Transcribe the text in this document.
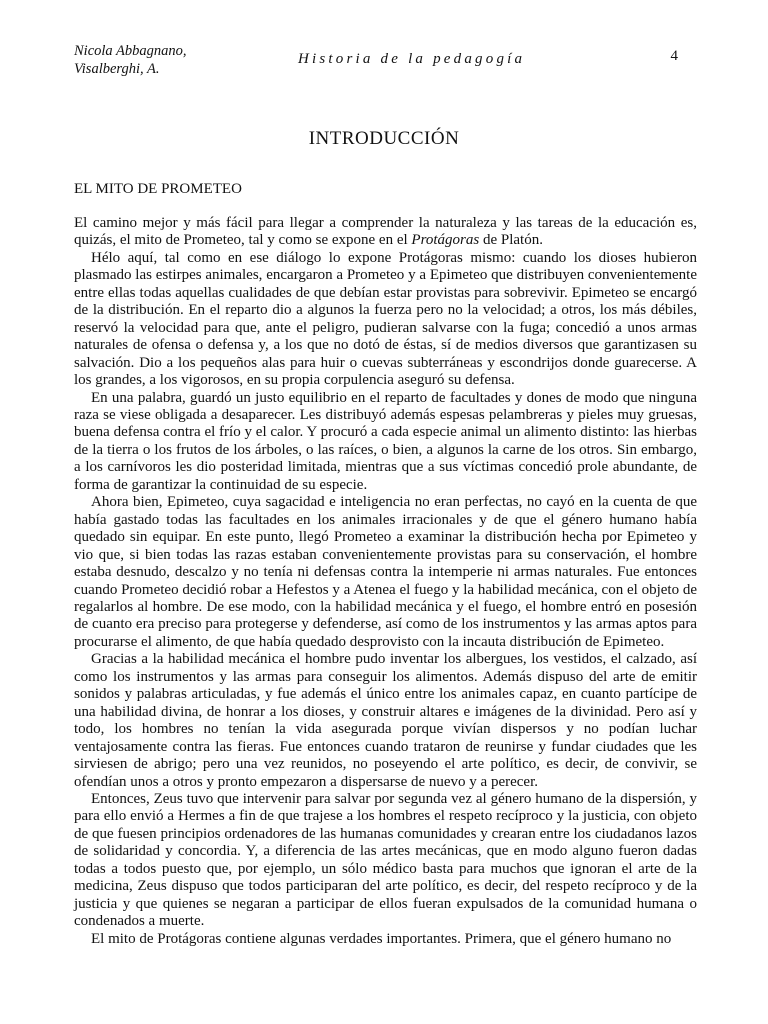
Nicola Abbagnano,
Visalberghi, A.
Historia de la pedagogía	4
INTRODUCCIÓN
EL MITO DE PROMETEO

El camino mejor y más fácil para llegar a comprender la naturaleza y las tareas de la educación es, quizás, el mito de Prometeo, tal y como se expone en el Protágoras de Platón.

Hélo aquí, tal como en ese diálogo lo expone Protágoras mismo: cuando los dioses hubieron plasmado las estirpes animales, encargaron a Prometeo y a Epimeteo que distribuyen convenientemente entre ellas todas aquellas cualidades de que debían estar provistas para sobrevivir. Epimeteo se encargó de la distribución. En el reparto dio a algunos la fuerza pero no la velocidad; a otros, los más débiles, reservó la velocidad para que, ante el peligro, pudieran salvarse con la fuga; concedió a unos armas naturales de ofensa o defensa y, a los que no dotó de éstas, sí de medios diversos que garantizasen su salvación. Dio a los pequeños alas para huir o cuevas subterráneas y escondrijos donde guarecerse. A los grandes, a los vigorosos, en su propia corpulencia aseguró su defensa.

En una palabra, guardó un justo equilibrio en el reparto de facultades y dones de modo que ninguna raza se viese obligada a desaparecer. Les distribuyó además espesas pelambreras y pieles muy gruesas, buena defensa contra el frío y el calor. Y procuró a cada especie animal un alimento distinto: las hierbas de la tierra o los frutos de los árboles, o las raíces, o bien, a algunos la carne de los otros. Sin embargo, a los carnívoros les dio posteridad limitada, mientras que a sus víctimas concedió prole abundante, de forma de garantizar la continuidad de su especie.

Ahora bien, Epimeteo, cuya sagacidad e inteligencia no eran perfectas, no cayó en la cuenta de que había gastado todas las facultades en los animales irracionales y de que el género humano había quedado sin equipar. En este punto, llegó Prometeo a examinar la distribución hecha por Epimeteo y vio que, si bien todas las razas estaban convenientemente provistas para su conservación, el hombre estaba desnudo, descalzo y no tenía ni defensas contra la intemperie ni armas naturales. Fue entonces cuando Prometeo decidió robar a Hefestos y a Atenea el fuego y la habilidad mecánica, con el objeto de regalarlos al hombre. De ese modo, con la habilidad mecánica y el fuego, el hombre entró en posesión de cuanto era preciso para protegerse y defenderse, así como de los instrumentos y las armas aptos para procurarse el alimento, de que había quedado desprovisto con la incauta distribución de Epimeteo.

Gracias a la habilidad mecánica el hombre pudo inventar los albergues, los vestidos, el calzado, así como los instrumentos y las armas para conseguir los alimentos. Además dispuso del arte de emitir sonidos y palabras articuladas, y fue además el único entre los animales capaz, en cuanto partícipe de una habilidad divina, de honrar a los dioses, y construir altares e imágenes de la divinidad. Pero así y todo, los hombres no tenían la vida asegurada porque vivían dispersos y no podían luchar ventajosamente contra las fieras. Fue entonces cuando trataron de reunirse y fundar ciudades que les sirviesen de abrigo; pero una vez reunidos, no poseyendo el arte político, es decir, de convivir, se ofendían unos a otros y pronto empezaron a dispersarse de nuevo y a perecer.

Entonces, Zeus tuvo que intervenir para salvar por segunda vez al género humano de la dispersión, y para ello envió a Hermes a fin de que trajese a los hombres el respeto recíproco y la justicia, con objeto de que fuesen principios ordenadores de las humanas comunidades y crearan entre los ciudadanos lazos de solidaridad y concordia. Y, a diferencia de las artes mecánicas, que en modo alguno fueron dadas todas a todos puesto que, por ejemplo, un sólo médico basta para muchos que ignoran el arte de la medicina, Zeus dispuso que todos participaran del arte político, es decir, del respeto recíproco y de la justicia y que quienes se negaran a participar de ellos fueran expulsados de la comunidad humana o condenados a muerte.

El mito de Protágoras contiene algunas verdades importantes. Primera, que el género humano no
